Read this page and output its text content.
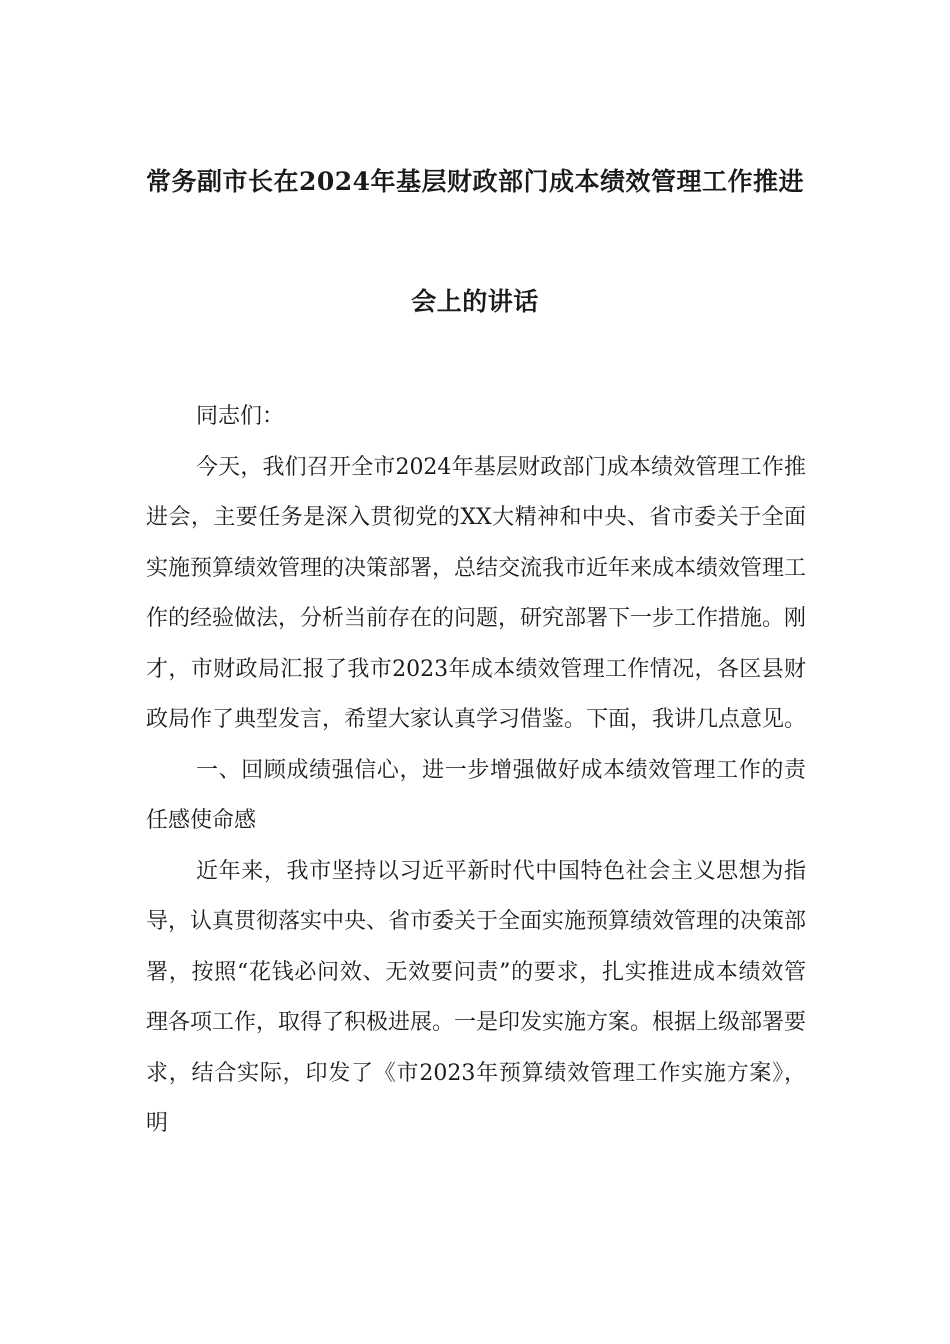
常务副市长在2024年基层财政部门成本绩效管理工作推进
会上的讲话

同志们：

今天，我们召开全市2024年基层财政部门成本绩效管理工作推进会，主要任务是深入贯彻党的XX大精神和中央、省市委关于全面实施预算绩效管理的决策部署，总结交流我市近年来成本绩效管理工作的经验做法，分析当前存在的问题，研究部署下一步工作措施。刚才，市财政局汇报了我市2023年成本绩效管理工作情况，各区县财政局作了典型发言，希望大家认真学习借鉴。下面，我讲几点意见。

一、回顾成绩强信心，进一步增强做好成本绩效管理工作的责任感使命感

近年来，我市坚持以习近平新时代中国特色社会主义思想为指导，认真贯彻落实中央、省市委关于全面实施预算绩效管理的决策部署，按照“花钱必问效、无效要问责”的要求，扎实推进成本绩效管理各项工作，取得了积极进展。一是印发实施方案。根据上级部署要求，结合实际，印发了《市2023年预算绩效管理工作实施方案》，明
